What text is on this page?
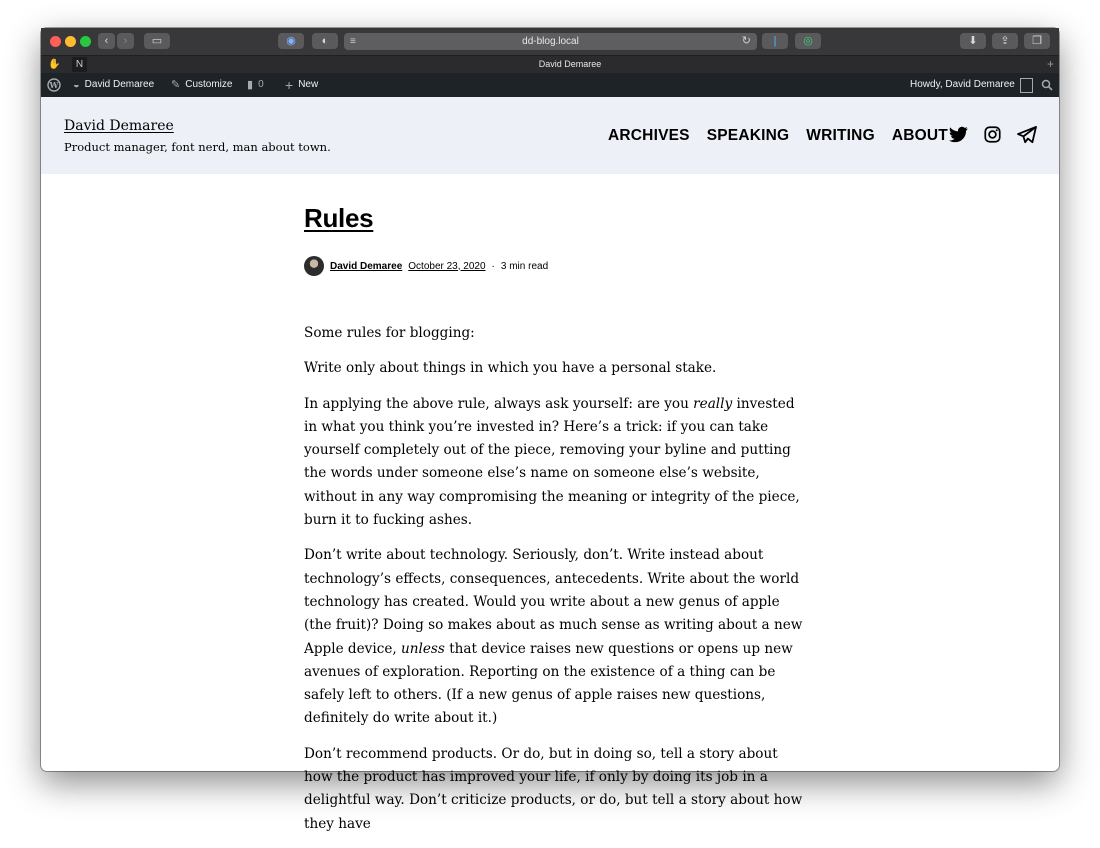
‹	›	▭	◉	◐	≡	dd-blog.local	↻	|	◎	⬇	⇪	❐
✋	N	David Demaree	+
W ◒ David Demaree ✎ Customize ▮ 0 + New	Howdy, David Demaree
David Demaree
Product manager, font nerd, man about town.
ARCHIVES SPEAKING WRITING ABOUT
Rules
David Demaree October 23, 2020 · 3 min read

Some rules for blogging:

Write only about things in which you have a personal stake.

In applying the above rule, always ask yourself: are you really invested in what you think you’re invested in? Here’s a trick: if you can take yourself completely out of the piece, removing your byline and putting the words under someone else’s name on someone else’s website, without in any way compromising the meaning or integrity of the piece, burn it to fucking ashes.

Don’t write about technology. Seriously, don’t. Write instead about technology’s effects, consequences, antecedents. Write about the world technology has created. Would you write about a new genus of apple (the fruit)? Doing so makes about as much sense as writing about a new Apple device, unless that device raises new questions or opens up new avenues of exploration. Reporting on the existence of a thing can be safely left to others. (If a new genus of apple raises new questions, definitely do write about it.)

Don’t recommend products. Or do, but in doing so, tell a story about how the product has improved your life, if only by doing its job in a delightful way. Don’t criticize products, or do, but tell a story about how they have
